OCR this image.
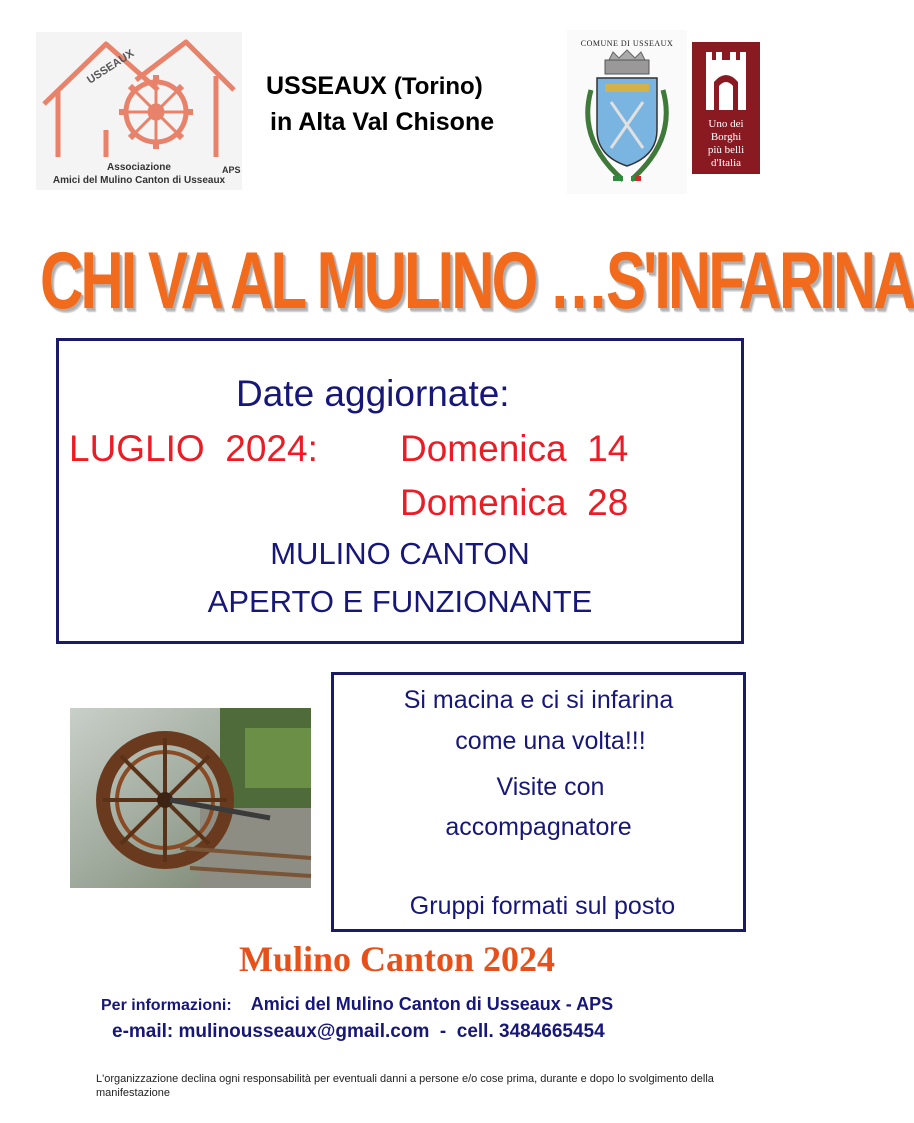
USSEAUX
Associazione
Amici del Mulino Canton di Usseaux
APS
USSEAUX (Torino)
in Alta Val Chisone
COMUNE DI USSEAUX
Uno dei
Borghi
più belli
d'Italia
CHI VA AL MULINO …S'INFARINA
Date aggiornate:
LUGLIO  2024: Domenica  14
Domenica  28
MULINO CANTON
APERTO E FUNZIONANTE
Si macina e ci si infarina
come una volta!!!
Visite con
accompagnatore
Gruppi formati sul posto
Mulino Canton 2024
Per informazioni: Amici del Mulino Canton di Usseaux - APS
e-mail: mulinousseaux@gmail.com  -  cell. 3484665454
L'organizzazione declina ogni responsabilità per eventuali danni a persone e/o cose prima, durante e dopo lo svolgimento della manifestazione
